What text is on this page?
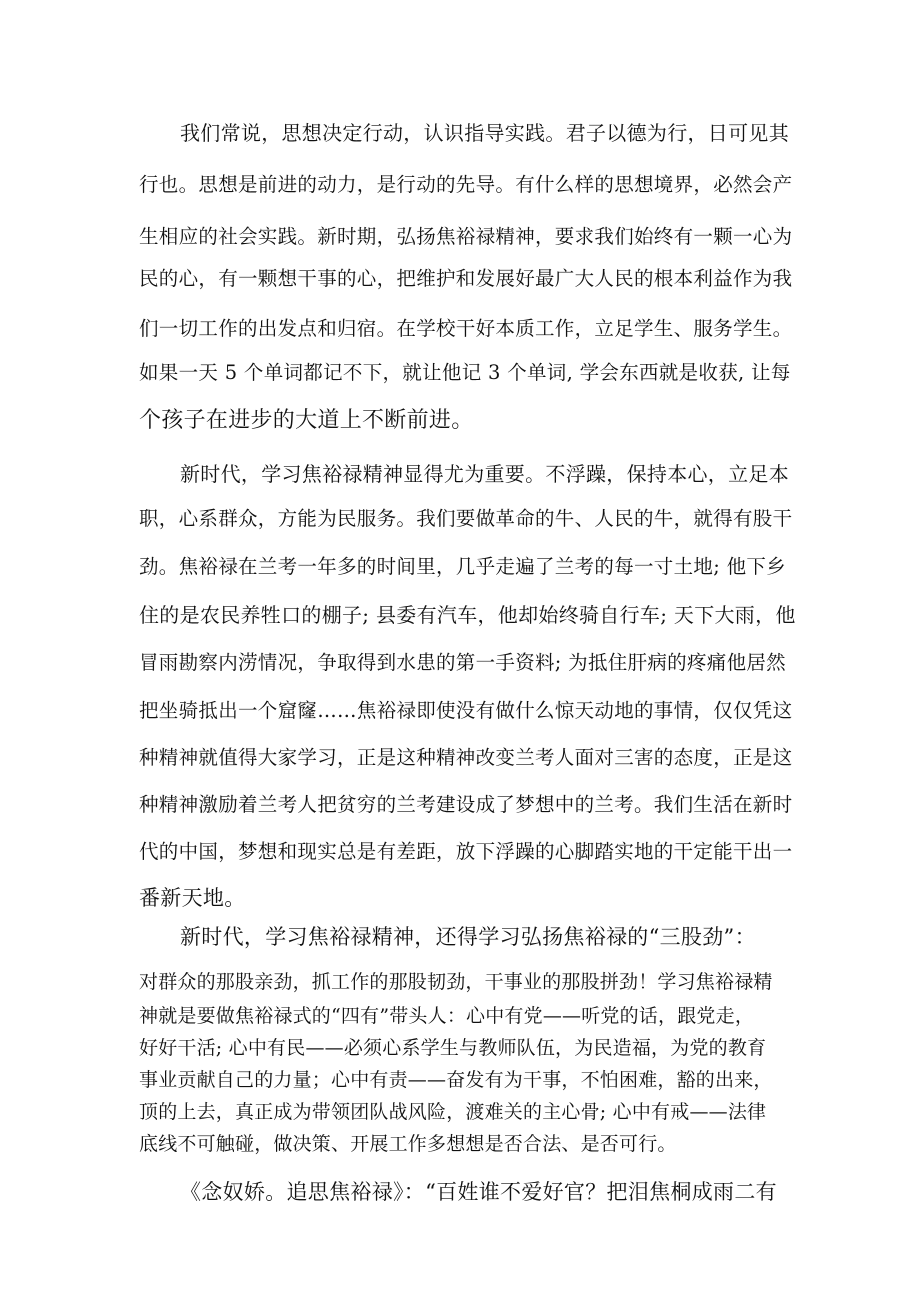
我们常说，思想决定行动，认识指导实践。君子以德为行，日可见其
行也。思想是前进的动力，是行动的先导。有什么样的思想境界，必然会产
生相应的社会实践。新时期，弘扬焦裕禄精神，要求我们始终有一颗一心为
民的心，有一颗想干事的心，把维护和发展好最广大人民的根本利益作为我
们一切工作的出发点和归宿。在学校干好本质工作，立足学生、服务学生。
如果一天 5 个单词都记不下，就让他记 3 个单词, 学会东西就是收获, 让每
个孩子在进步的大道上不断前进。
新时代，学习焦裕禄精神显得尤为重要。不浮躁，保持本心，立足本
职，心系群众，方能为民服务。我们要做革命的牛、人民的牛，就得有股干
劲。焦裕禄在兰考一年多的时间里，几乎走遍了兰考的每一寸土地; 他下乡
住的是农民养牲口的棚子; 县委有汽车，他却始终骑自行车; 天下大雨，他
冒雨勘察内涝情况，争取得到水患的第一手资料; 为抵住肝病的疼痛他居然
把坐骑抵出一个窟窿……焦裕禄即使没有做什么惊天动地的事情，仅仅凭这
种精神就值得大家学习，正是这种精神改变兰考人面对三害的态度，正是这
种精神激励着兰考人把贫穷的兰考建设成了梦想中的兰考。我们生活在新时
代的中国，梦想和现实总是有差距，放下浮躁的心脚踏实地的干定能干出一
番新天地。
新时代，学习焦裕禄精神，还得学习弘扬焦裕禄的“三股劲”：
对群众的那股亲劲，抓工作的那股韧劲，干事业的那股拼劲！学习焦裕禄精
神就是要做焦裕禄式的“四有”带头人：心中有党——听党的话，跟党走，
好好干活; 心中有民——必须心系学生与教师队伍，为民造福，为党的教育
事业贡献自己的力量；心中有责——奋发有为干事，不怕困难，豁的出来，
顶的上去，真正成为带领团队战风险，渡难关的主心骨; 心中有戒——法律
底线不可触碰，做决策、开展工作多想想是否合法、是否可行。
《念奴娇。追思焦裕禄》：“百姓谁不爱好官？把泪焦桐成雨二有
